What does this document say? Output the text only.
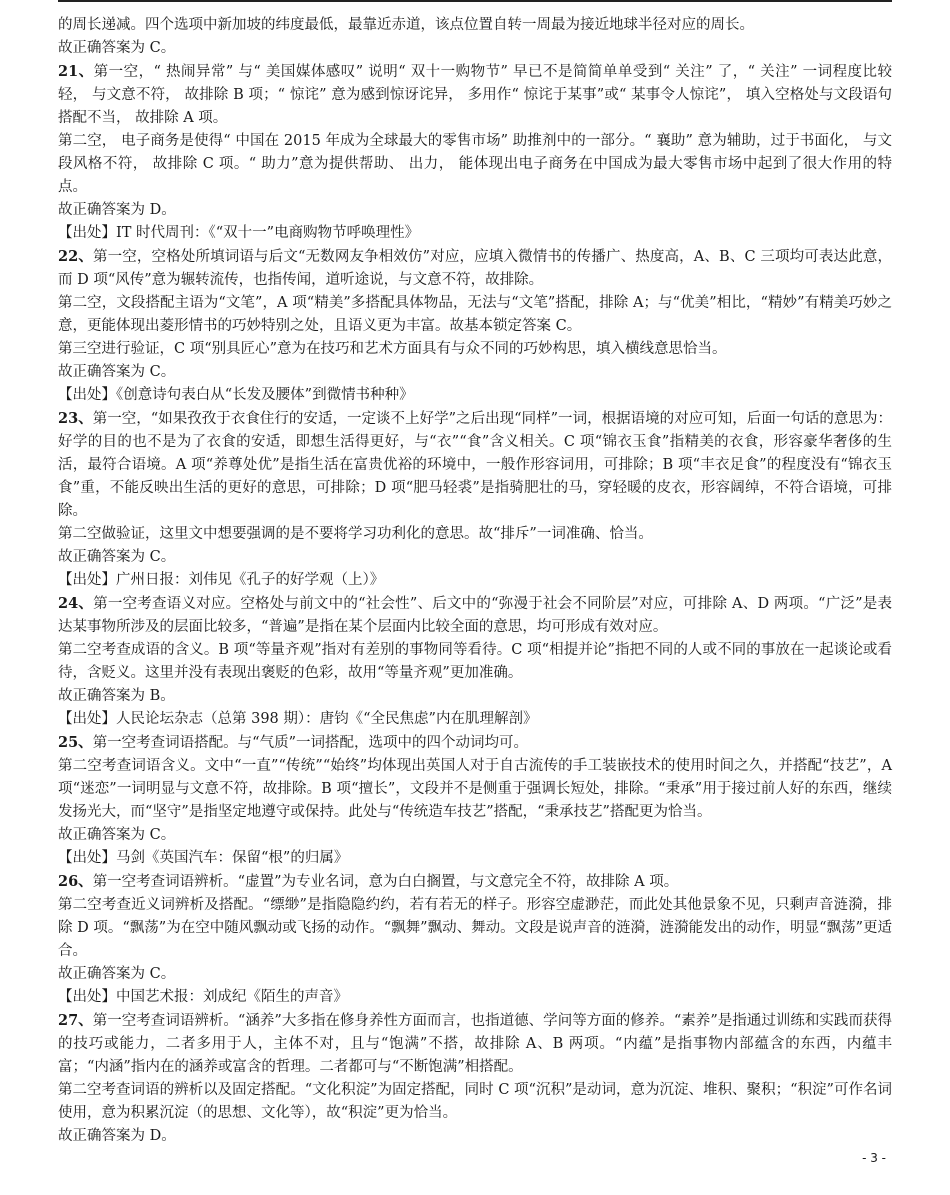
的周长递减。四个选项中新加坡的纬度最低，最靠近赤道，该点位置自转一周最为接近地球半径对应的周长。

故正确答案为 C。

21、第一空，“ 热闹异常” 与“ 美国媒体感叹” 说明“ 双十一购物节” 早已不是简简单单受到“ 关注” 了，“ 关注” 一词程度比较轻， 与文意不符， 故排除 B 项；“ 惊诧” 意为感到惊讶诧异， 多用作“ 惊诧于某事”或“ 某事令人惊诧”， 填入空格处与文段语句搭配不当， 故排除 A 项。

第二空， 电子商务是使得“ 中国在 2015 年成为全球最大的零售市场” 助推剂中的一部分。“ 襄助” 意为辅助，过于书面化， 与文段风格不符， 故排除 C 项。“ 助力”意为提供帮助、 出力， 能体现出电子商务在中国成为最大零售市场中起到了很大作用的特点。

故正确答案为 D。

【出处】IT 时代周刊：《“双十一”电商购物节呼唤理性》

22、第一空，空格处所填词语与后文“无数网友争相效仿”对应，应填入微情书的传播广、热度高，A、B、C 三项均可表达此意，而 D 项“风传”意为辗转流传，也指传闻，道听途说，与文意不符，故排除。

第二空，文段搭配主语为“文笔”，A 项“精美”多搭配具体物品，无法与“文笔”搭配，排除 A；与“优美”相比，“精妙”有精美巧妙之意，更能体现出菱形情书的巧妙特别之处，且语义更为丰富。故基本锁定答案 C。

第三空进行验证，C 项“别具匠心”意为在技巧和艺术方面具有与众不同的巧妙构思，填入横线意思恰当。

故正确答案为 C。

【出处】《创意诗句表白从“长发及腰体”到微情书种种》

23、第一空，“如果孜孜于衣食住行的安适，一定谈不上好学”之后出现“同样”一词，根据语境的对应可知，后面一句话的意思为：好学的目的也不是为了衣食的安适，即想生活得更好，与“衣”“食”含义相关。C 项“锦衣玉食”指精美的衣食，形容豪华奢侈的生活，最符合语境。A 项“养尊处优”是指生活在富贵优裕的环境中，一般作形容词用，可排除；B 项“丰衣足食”的程度没有“锦衣玉食”重，不能反映出生活的更好的意思，可排除；D 项“肥马轻裘”是指骑肥壮的马，穿轻暖的皮衣，形容阔绰，不符合语境，可排除。

第二空做验证，这里文中想要强调的是不要将学习功利化的意思。故“排斥”一词准确、恰当。

故正确答案为 C。

【出处】广州日报：刘伟见《孔子的好学观（上）》

24、第一空考查语义对应。空格处与前文中的“社会性”、后文中的“弥漫于社会不同阶层”对应，可排除 A、D 两项。“广泛”是表达某事物所涉及的层面比较多，“普遍”是指在某个层面内比较全面的意思，均可形成有效对应。

第二空考查成语的含义。B 项“等量齐观”指对有差别的事物同等看待。C 项“相提并论”指把不同的人或不同的事放在一起谈论或看待，含贬义。这里并没有表现出褒贬的色彩，故用“等量齐观”更加准确。

故正确答案为 B。

【出处】人民论坛杂志（总第 398 期）：唐钧《“全民焦虑”内在肌理解剖》

25、第一空考查词语搭配。与“气质”一词搭配，选项中的四个动词均可。

第二空考查词语含义。文中“一直”“传统”“始终”均体现出英国人对于自古流传的手工装嵌技术的使用时间之久，并搭配“技艺”，A 项“迷恋”一词明显与文意不符，故排除。B 项“擅长”，文段并不是侧重于强调长短处，排除。“秉承”用于接过前人好的东西，继续发扬光大，而“坚守”是指坚定地遵守或保持。此处与“传统造车技艺”搭配，“秉承技艺”搭配更为恰当。

故正确答案为 C。

【出处】马剑《英国汽车：保留“根”的归属》

26、第一空考查词语辨析。“虚置”为专业名词，意为白白搁置，与文意完全不符，故排除 A 项。

第二空考查近义词辨析及搭配。“缥缈”是指隐隐约约，若有若无的样子。形容空虚渺茫，而此处其他景象不见，只剩声音涟漪，排除 D 项。“飘荡”为在空中随风飘动或飞扬的动作。“飘舞”飘动、舞动。文段是说声音的涟漪，涟漪能发出的动作，明显“飘荡”更适合。

故正确答案为 C。

【出处】中国艺术报：刘成纪《陌生的声音》

27、第一空考查词语辨析。“涵养”大多指在修身养性方面而言，也指道德、学问等方面的修养。“素养”是指通过训练和实践而获得的技巧或能力，二者多用于人，主体不对，且与“饱满”不搭，故排除 A、B 两项。“内蕴”是指事物内部蕴含的东西，内蕴丰富；“内涵”指内在的涵养或富含的哲理。二者都可与“不断饱满”相搭配。

第二空考查词语的辨析以及固定搭配。“文化积淀”为固定搭配，同时 C 项“沉积”是动词，意为沉淀、堆积、聚积；“积淀”可作名词使用，意为积累沉淀（的思想、文化等），故“积淀”更为恰当。

故正确答案为 D。

- 3 -
